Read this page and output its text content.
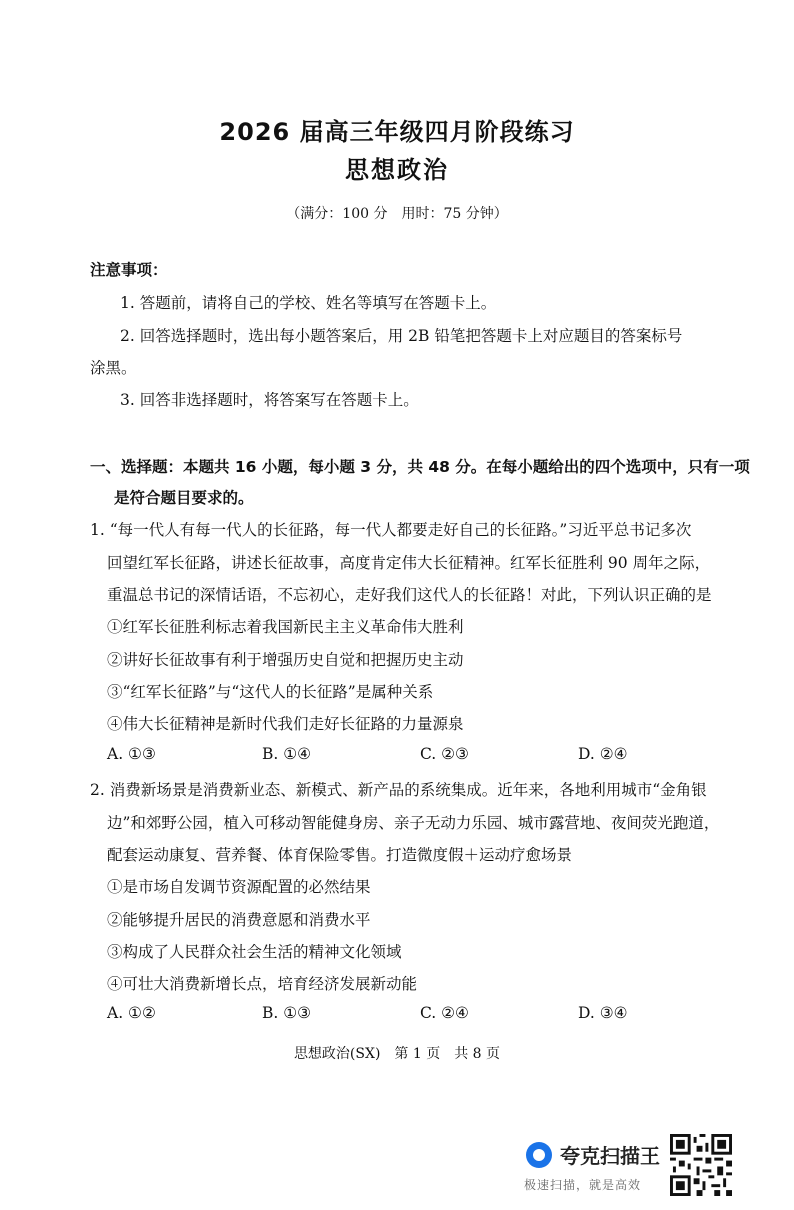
2026 届高三年级四月阶段练习
思想政治
（满分：100 分　用时：75 分钟）
注意事项：
1. 答题前，请将自己的学校、姓名等填写在答题卡上。
2. 回答选择题时，选出每小题答案后，用 2B 铅笔把答题卡上对应题目的答案标号
涂黑。
3. 回答非选择题时，将答案写在答题卡上。
一、选择题：本题共 16 小题，每小题 3 分，共 48 分。在每小题给出的四个选项中，只有一项
是符合题目要求的。
1. “每一代人有每一代人的长征路，每一代人都要走好自己的长征路。”习近平总书记多次
回望红军长征路，讲述长征故事，高度肯定伟大长征精神。红军长征胜利 90 周年之际，
重温总书记的深情话语，不忘初心，走好我们这代人的长征路！对此，下列认识正确的是
①红军长征胜利标志着我国新民主主义革命伟大胜利
②讲好长征故事有利于增强历史自觉和把握历史主动
③“红军长征路”与“这代人的长征路”是属种关系
④伟大长征精神是新时代我们走好长征路的力量源泉
A. ①③	B. ①④	C. ②③	D. ②④
2. 消费新场景是消费新业态、新模式、新产品的系统集成。近年来，各地利用城市“金角银
边”和郊野公园，植入可移动智能健身房、亲子无动力乐园、城市露营地、夜间荧光跑道，
配套运动康复、营养餐、体育保险零售。打造微度假＋运动疗愈场景
①是市场自发调节资源配置的必然结果
②能够提升居民的消费意愿和消费水平
③构成了人民群众社会生活的精神文化领域
④可壮大消费新增长点，培育经济发展新动能
A. ①②	B. ①③	C. ②④	D. ③④
思想政治(SX)　第 1 页　共 8 页
夸克扫描王
极速扫描，就是高效
